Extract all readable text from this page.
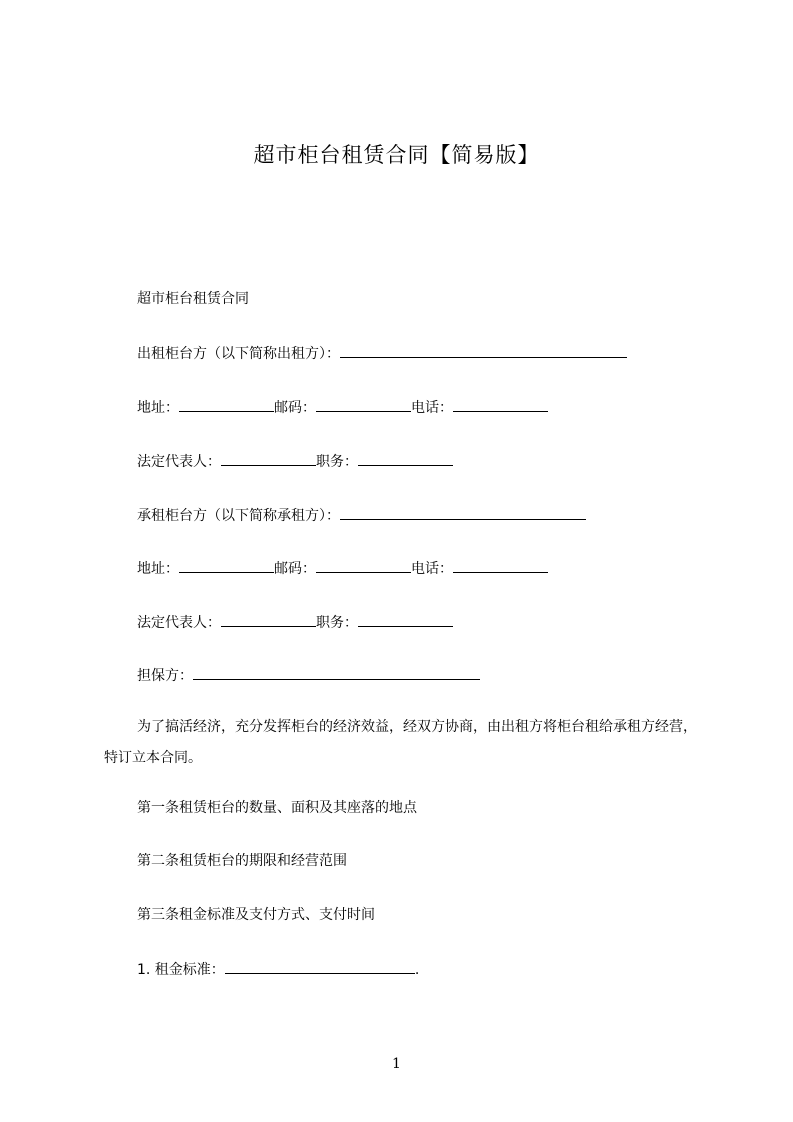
超市柜台租赁合同【简易版】
超市柜台租赁合同
出租柜台方（以下简称出租方）：
地址：	邮码：	电话：
法定代表人：	职务：
承租柜台方（以下简称承租方）：
地址：	邮码：	电话：
法定代表人：	职务：
担保方：
为了搞活经济，充分发挥柜台的经济效益，经双方协商，由出租方将柜台租给承租方经营，特订立本合同。
第一条租赁柜台的数量、面积及其座落的地点
第二条租赁柜台的期限和经营范围
第三条租金标准及支付方式、支付时间
1. 租金标准：	.
1
